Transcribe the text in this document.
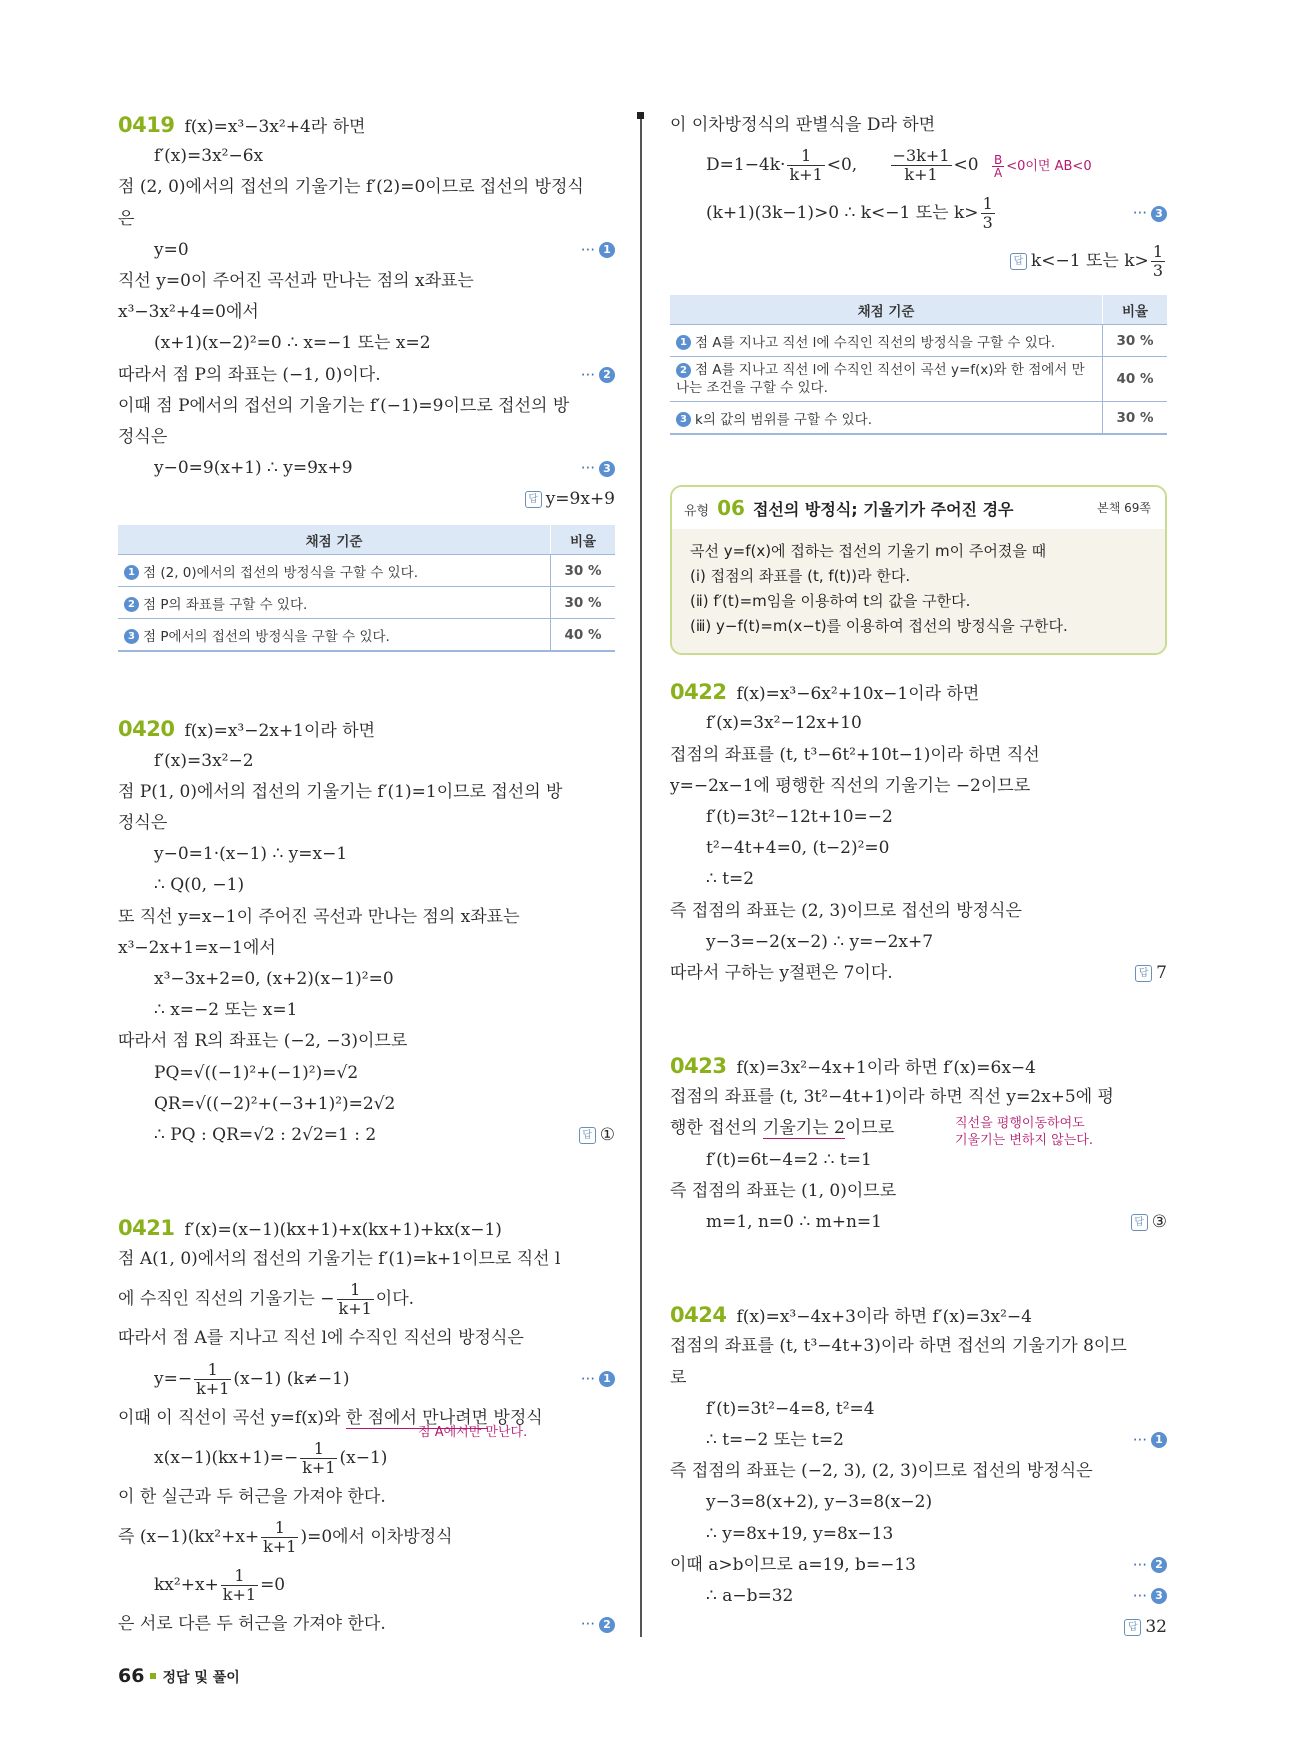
0419 f(x)=x³−3x²+4라 하면
f′(x)=3x²−6x
점 (2, 0)에서의 접선의 기울기는 f′(2)=0이므로 접선의 방정식
은
y=0	··· 1
직선 y=0이 주어진 곡선과 만나는 점의 x좌표는
x³−3x²+4=0에서
(x+1)(x−2)²=0 ∴ x=−1 또는 x=2
따라서 점 P의 좌표는 (−1, 0)이다.	··· 2
이때 점 P에서의 접선의 기울기는 f′(−1)=9이므로 접선의 방
정식은
y−0=9(x+1) ∴ y=9x+9	··· 3
답 y=9x+9
채점 기준	비율
1 점 (2, 0)에서의 접선의 방정식을 구할 수 있다.	30 %
2 점 P의 좌표를 구할 수 있다.	30 %
3 점 P에서의 접선의 방정식을 구할 수 있다.	40 %
0420 f(x)=x³−2x+1이라 하면
f′(x)=3x²−2
점 P(1, 0)에서의 접선의 기울기는 f′(1)=1이므로 접선의 방
정식은
y−0=1·(x−1) ∴ y=x−1
∴ Q(0, −1)
또 직선 y=x−1이 주어진 곡선과 만나는 점의 x좌표는
x³−2x+1=x−1에서
x³−3x+2=0, (x+2)(x−1)²=0
∴ x=−2 또는 x=1
따라서 점 R의 좌표는 (−2, −3)이므로
PQ=√((−1)²+(−1)²)=√2
QR=√((−2)²+(−3+1)²)=2√2
∴ PQ : QR=√2 : 2√2=1 : 2	답 ①
0421 f′(x)=(x−1)(kx+1)+x(kx+1)+kx(x−1)
점 A(1, 0)에서의 접선의 기울기는 f′(1)=k+1이므로 직선 l
에 수직인 직선의 기울기는 − $\frac{1}{k+1}$ 이다.
따라서 점 A를 지나고 직선 l에 수직인 직선의 방정식은
$y=- \frac{1}{k+1} (x-1)$ (k≠−1)	··· 1
이때 이 직선이 곡선 y=f(x)와 한 점에서 만나려면 방정식
점 A에서만 만난다.
$x(x-1)(kx+1)=- \frac{1}{k+1} (x-1)$
이 한 실근과 두 허근을 가져야 한다.
즉 $(x-1)(kx^2+x+ \frac{1}{k+1} )=0$에서 이차방정식
$kx^2+x+ \frac{1}{k+1} =0$
은 서로 다른 두 허근을 가져야 한다.	··· 2
이 이차방정식의 판별식을 D라 하면
$D=1-4k\cdot \frac{1}{k+1} <0$, $\frac{-3k+1}{k+1} <0 \frac{B}{A} <0$이면 AB<0
(k+1)(3k−1)>0 ∴ k<−1 또는 $k> \frac{1}{3}$	··· 3
답 k<−1 또는 $k> \frac{1}{3}$
채점 기준	비율
1 점 A를 지나고 직선 l에 수직인 직선의 방정식을 구할 수 있다.	30 %
2 점 A를 지나고 직선 l에 수직인 직선이 곡선 y=f(x)와 한 점에서 만나는 조건을 구할 수 있다.	40 %
3 k의 값의 범위를 구할 수 있다.	30 %
유형 06 접선의 방정식; 기울기가 주어진 경우	본책 69쪽
곡선 y=f(x)에 접하는 접선의 기울기 m이 주어졌을 때
(ⅰ) 접점의 좌표를 (t, f(t))라 한다.
(ⅱ) f′(t)=m임을 이용하여 t의 값을 구한다.
(ⅲ) y−f(t)=m(x−t)를 이용하여 접선의 방정식을 구한다.
0422 f(x)=x³−6x²+10x−1이라 하면
f′(x)=3x²−12x+10
접점의 좌표를 (t, t³−6t²+10t−1)이라 하면 직선
y=−2x−1에 평행한 직선의 기울기는 −2이므로
f′(t)=3t²−12t+10=−2
t²−4t+4=0, (t−2)²=0
∴ t=2
즉 접점의 좌표는 (2, 3)이므로 접선의 방정식은
y−3=−2(x−2) ∴ y=−2x+7
따라서 구하는 y절편은 7이다.	답 7
0423 f(x)=3x²−4x+1이라 하면 f′(x)=6x−4
접점의 좌표를 (t, 3t²−4t+1)이라 하면 직선 y=2x+5에 평
행한 접선의 기울기는 2이므로	직선을 평행이동하여도
기울기는 변하지 않는다.
f′(t)=6t−4=2 ∴ t=1
즉 접점의 좌표는 (1, 0)이므로
m=1, n=0 ∴ m+n=1	답 ③
0424 f(x)=x³−4x+3이라 하면 f′(x)=3x²−4
접점의 좌표를 (t, t³−4t+3)이라 하면 접선의 기울기가 8이므
로
f′(t)=3t²−4=8, t²=4
∴ t=−2 또는 t=2	··· 1
즉 접점의 좌표는 (−2, 3), (2, 3)이므로 접선의 방정식은
y−3=8(x+2), y−3=8(x−2)
∴ y=8x+19, y=8x−13
이때 a>b이므로 a=19, b=−13	··· 2
∴ a−b=32	··· 3
답 32
66 정답 및 풀이
